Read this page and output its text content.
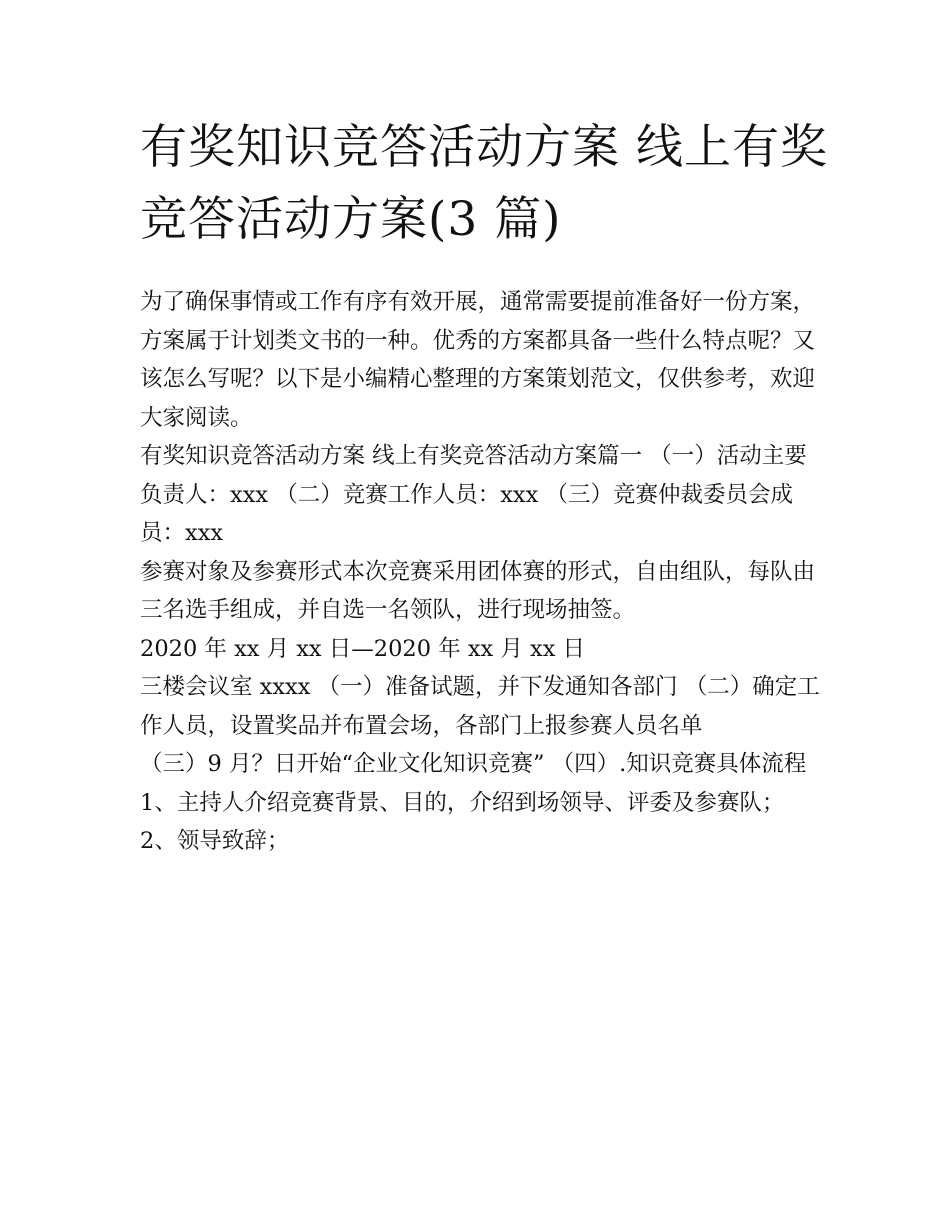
有奖知识竞答活动方案 线上有奖竞答活动方案(3 篇)

为了确保事情或工作有序有效开展，通常需要提前准备好一份方案，方案属于计划类文书的一种。优秀的方案都具备一些什么特点呢？又该怎么写呢？以下是小编精心整理的方案策划范文，仅供参考，欢迎大家阅读。

有奖知识竞答活动方案 线上有奖竞答活动方案篇一 （一）活动主要负责人：xxx （二）竞赛工作人员：xxx （三）竞赛仲裁委员会成员：xxx

参赛对象及参赛形式本次竞赛采用团体赛的形式，自由组队，每队由三名选手组成，并自选一名领队，进行现场抽签。

2020 年 xx 月 xx 日—2020 年 xx 月 xx 日

三楼会议室 xxxx （一）准备试题，并下发通知各部门 （二）确定工作人员，设置奖品并布置会场，各部门上报参赛人员名单

（三）9 月？日开始“企业文化知识竞赛” （四）.知识竞赛具体流程 1、主持人介绍竞赛背景、目的，介绍到场领导、评委及参赛队； 2、领导致辞；
